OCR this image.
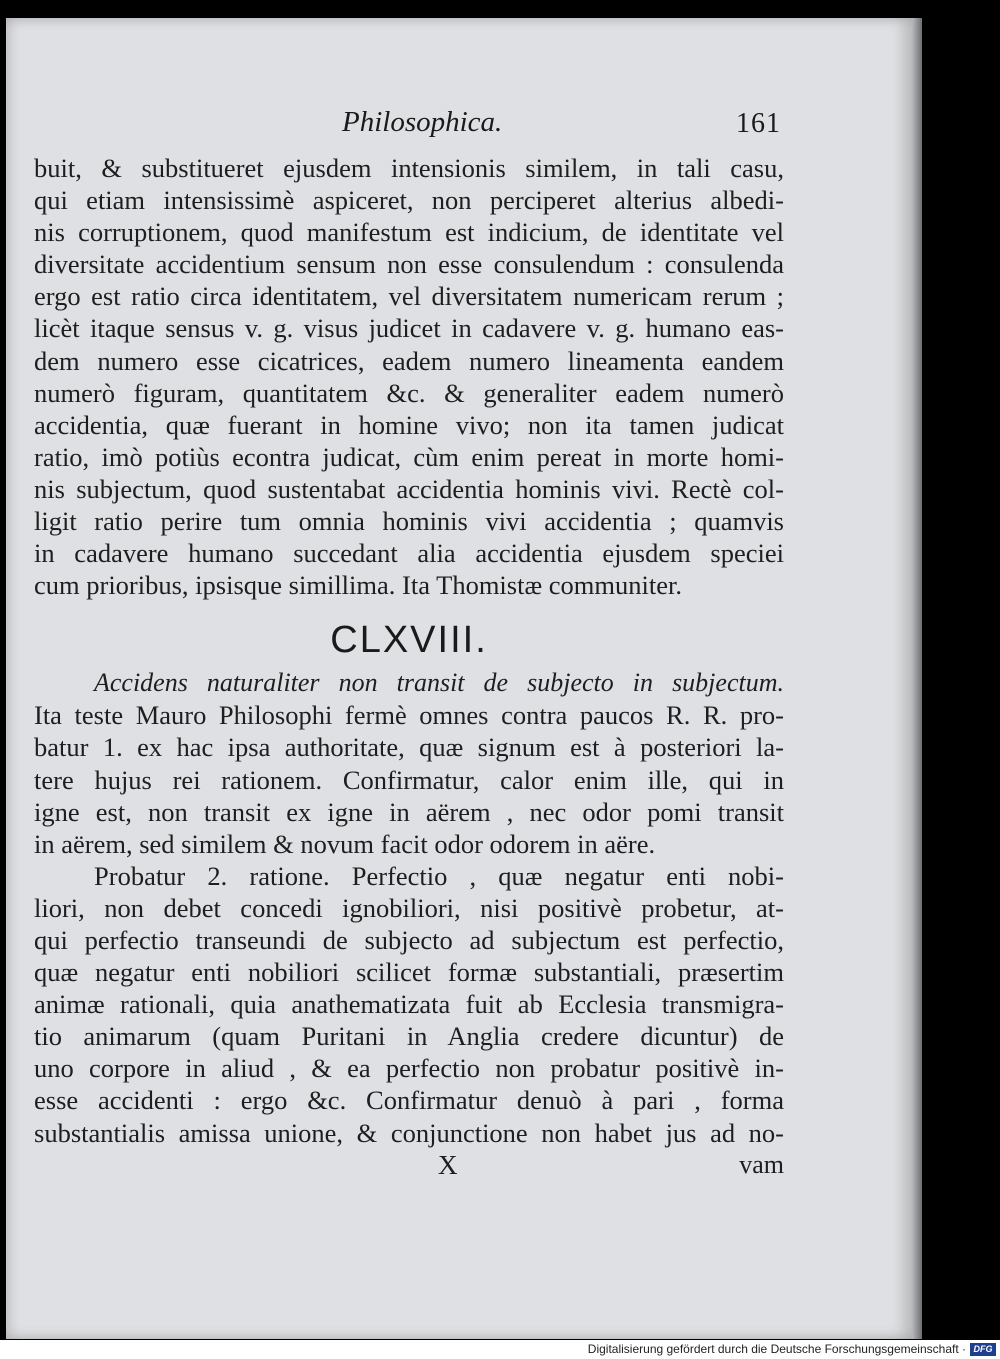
Philosophica.	161
buit, & substitueret ejusdem intensionis similem, in tali casu,
qui etiam intensissimè aspiceret, non perciperet alterius albedi-
nis corruptionem, quod manifestum est indicium, de identitate vel
diversitate accidentium sensum non esse consulendum : consulenda
ergo est ratio circa identitatem, vel diversitatem numericam rerum ;
licèt itaque sensus v. g. visus judicet in cadavere v. g. humano eas-
dem numero esse cicatrices, eadem numero lineamenta eandem
numerò figuram, quantitatem &c. & generaliter eadem numerò
accidentia, quæ fuerant in homine vivo; non ita tamen judicat
ratio, imò potiùs econtra judicat, cùm enim pereat in morte homi-
nis subjectum, quod sustentabat accidentia hominis vivi. Rectè col-
ligit ratio perire tum omnia hominis vivi accidentia ; quamvis
in cadavere humano succedant alia accidentia ejusdem speciei
cum prioribus, ipsisque simillima. Ita Thomistæ communiter.
CLXVIII.
Accidens naturaliter non transit de subjecto in subjectum.
Ita teste Mauro Philosophi fermè omnes contra paucos R. R. pro-
batur 1. ex hac ipsa authoritate, quæ signum est à posteriori la-
tere hujus rei rationem. Confirmatur, calor enim ille, qui in
igne est, non transit ex igne in aërem , nec odor pomi transit
in aërem, sed similem & novum facit odor odorem in aëre.
Probatur 2. ratione. Perfectio , quæ negatur enti nobi-
liori, non debet concedi ignobiliori, nisi positivè probetur, at-
qui perfectio transeundi de subjecto ad subjectum est perfectio,
quæ negatur enti nobiliori scilicet formæ substantiali, præsertim
animæ rationali, quia anathematizata fuit ab Ecclesia transmigra-
tio animarum (quam Puritani in Anglia credere dicuntur) de
uno corpore in aliud , & ea perfectio non probatur positivè in-
esse accidenti : ergo &c. Confirmatur denuò à pari , forma
substantialis amissa unione, & conjunctione non habet jus ad no-
X	vam
Digitalisierung gefördert durch die Deutsche Forschungsgemeinschaft · DFG
